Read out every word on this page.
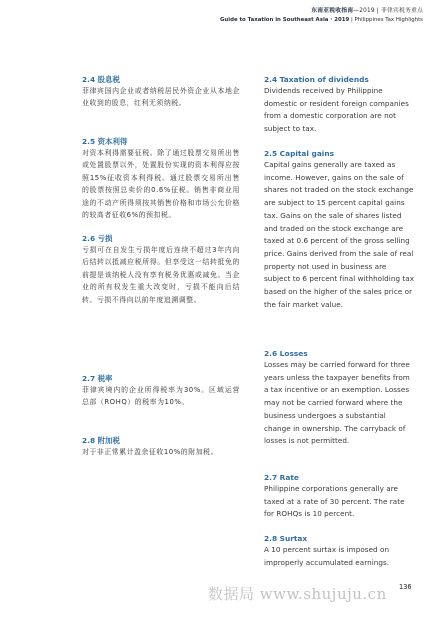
东南亚税收指南—2019 | 菲律宾税务重点
Guide to Taxation in Southeast Asia · 2019 | Philippines Tax Highlights

2.4 股息税

菲律宾国内企业或者纳税居民外资企业从本地企业收到的股息，红利无须纳税。

2.5 资本利得

对资本利得需要征税。除了通过股票交易所出售或处置股票以外，处置股份实现的资本利得应按照15%征收资本利得税。通过股票交易所出售的股票按照总卖价的0.6%征税。销售非商业用途的不动产所得须按其销售价格和市场公允价格的较高者征收6%的预扣税。

2.6 亏损

亏损可在自发生亏损年度后连续不超过3年内向后结转以抵减应税所得。但享受这一结转抵免的前提是该纳税人没有享有税务优惠或减免。当企业的所有权发生重大改变时，亏损不能向后结转。亏损不得向以前年度追溯调整。

2.7 税率

菲律宾境内的企业所得税率为30%。区域运营总部（ROHQ）的税率为10%。

2.8 附加税

对于非正常累计盈余征收10%的附加税。

2.4 Taxation of dividends

Dividends received by Philippine domestic or resident foreign companies from a domestic corporation are not subject to tax.

2.5 Capital gains

Capital gains generally are taxed as income. However, gains on the sale of shares not traded on the stock exchange are subject to 15 percent capital gains tax. Gains on the sale of shares listed and traded on the stock exchange are taxed at 0.6 percent of the gross selling price. Gains derived from the sale of real property not used in business are subject to 6 percent final withholding tax based on the higher of the sales price or the fair market value.

2.6 Losses

Losses may be carried forward for three years unless the taxpayer benefits from a tax incentive or an exemption. Losses may not be carried forward where the business undergoes a substantial change in ownership. The carryback of losses is not permitted.

2.7 Rate

Philippine corporations generally are taxed at a rate of 30 percent. The rate for ROHQs is 10 percent.

2.8 Surtax

A 10 percent surtax is imposed on improperly accumulated earnings.

数据局 www.shujuju.cn 136
